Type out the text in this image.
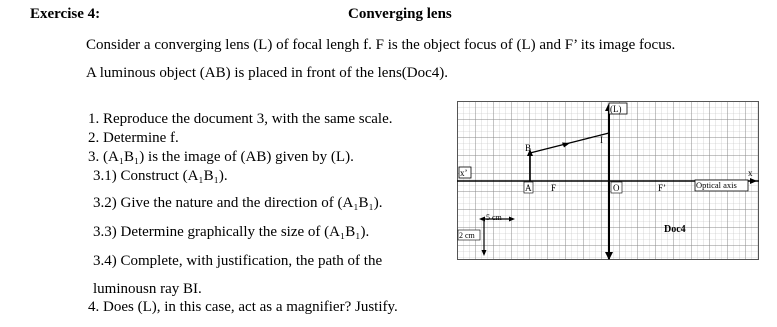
Exercise 4:	Converging lens
Consider a converging lens (L) of focal lengh f. F is the object focus of (L) and F’ its image focus.
A luminous object (AB) is placed in front of the lens(Doc4).
1. Reproduce the document 3, with the same scale.
2. Determine f.
3. (A₁B₁) is the image of (AB) given by (L).
3.1) Construct (A₁B₁).
3.2) Give the nature and the direction of (A₁B₁).
3.3) Determine graphically the size of (A₁B₁).
3.4) Complete, with justification, the path of the
luminousn ray BI.
4. Does (L), in this case, act as a magnifier? Justify.
(L)
x’	x
Optical axis
B
I
A F	O	F’
5 cm
2 cm
Doc4
